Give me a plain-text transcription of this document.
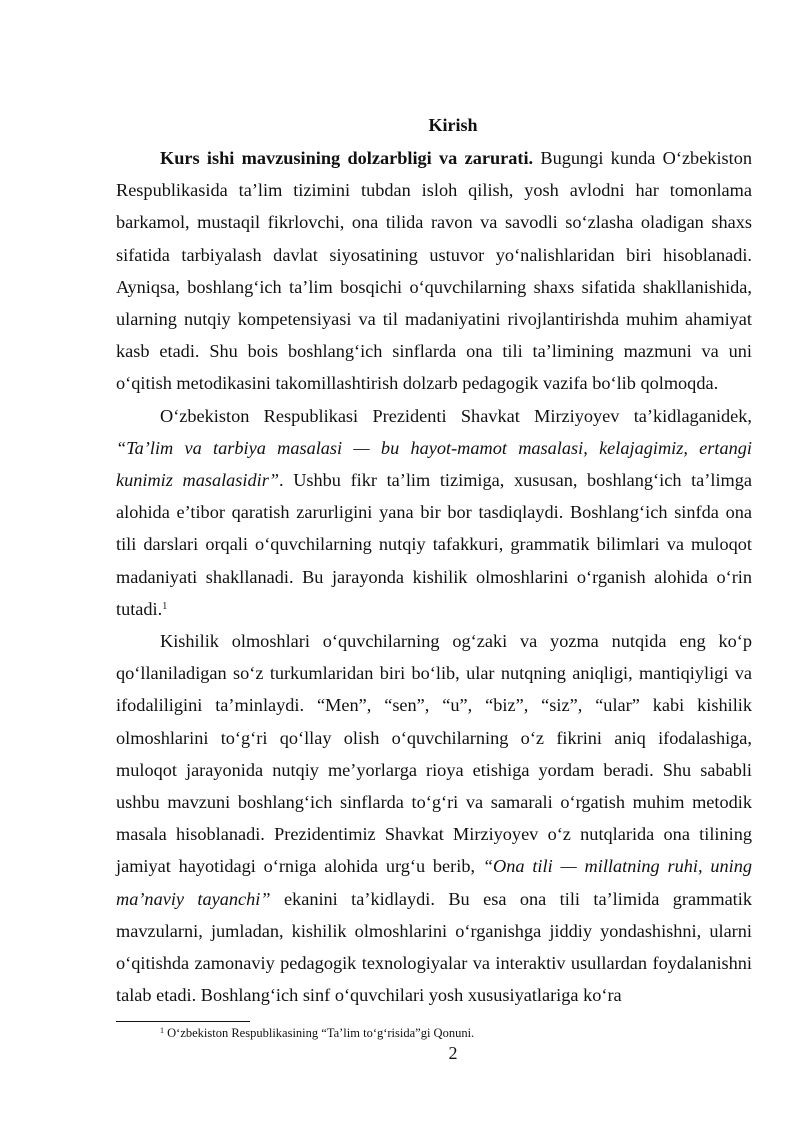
Kirish

Kurs ishi mavzusining dolzarbligi va zarurati. Bugungi kunda O‘zbekiston Respublikasida ta’lim tizimini tubdan isloh qilish, yosh avlodni har tomonlama barkamol, mustaqil fikrlovchi, ona tilida ravon va savodli so‘zlasha oladigan shaxs sifatida tarbiyalash davlat siyosatining ustuvor yo‘nalishlaridan biri hisoblanadi. Ayniqsa, boshlang‘ich ta’lim bosqichi o‘quvchilarning shaxs sifatida shakllanishida, ularning nutqiy kompetensiyasi va til madaniyatini rivojlantirishda muhim ahamiyat kasb etadi. Shu bois boshlang‘ich sinflarda ona tili ta’limining mazmuni va uni o‘qitish metodikasini takomillashtirish dolzarb pedagogik vazifa bo‘lib qolmoqda.

O‘zbekiston Respublikasi Prezidenti Shavkat Mirziyoyev ta’kidlaganidek, “Ta’lim va tarbiya masalasi — bu hayot-mamot masalasi, kelajagimiz, ertangi kunimiz masalasidir”. Ushbu fikr ta’lim tizimiga, xususan, boshlang‘ich ta’limga alohida e’tibor qaratish zarurligini yana bir bor tasdiqlaydi. Boshlang‘ich sinfda ona tili darslari orqali o‘quvchilarning nutqiy tafakkuri, grammatik bilimlari va muloqot madaniyati shakllanadi. Bu jarayonda kishilik olmoshlarini o‘rganish alohida o‘rin tutadi.$^1$

Kishilik olmoshlari o‘quvchilarning og‘zaki va yozma nutqida eng ko‘p qo‘llaniladigan so‘z turkumlaridan biri bo‘lib, ular nutqning aniqligi, mantiqiyligi va ifodaliligini ta’minlaydi. “Men”, “sen”, “u”, “biz”, “siz”, “ular” kabi kishilik olmoshlarini to‘g‘ri qo‘llay olish o‘quvchilarning o‘z fikrini aniq ifodalashiga, muloqot jarayonida nutqiy me’yorlarga rioya etishiga yordam beradi. Shu sababli ushbu mavzuni boshlang‘ich sinflarda to‘g‘ri va samarali o‘rgatish muhim metodik masala hisoblanadi. Prezidentimiz Shavkat Mirziyoyev o‘z nutqlarida ona tilining jamiyat hayotidagi o‘rniga alohida urg‘u berib, “Ona tili — millatning ruhi, uning ma’naviy tayanchi” ekanini ta’kidlaydi. Bu esa ona tili ta’limida grammatik mavzularni, jumladan, kishilik olmoshlarini o‘rganishga jiddiy yondashishni, ularni o‘qitishda zamonaviy pedagogik texnologiyalar va interaktiv usullardan foydalanishni talab etadi. Boshlang‘ich sinf o‘quvchilari yosh xususiyatlariga ko‘ra

$^1$ O‘zbekiston Respublikasining “Ta’lim to‘g‘risida”gi Qonuni.
2
